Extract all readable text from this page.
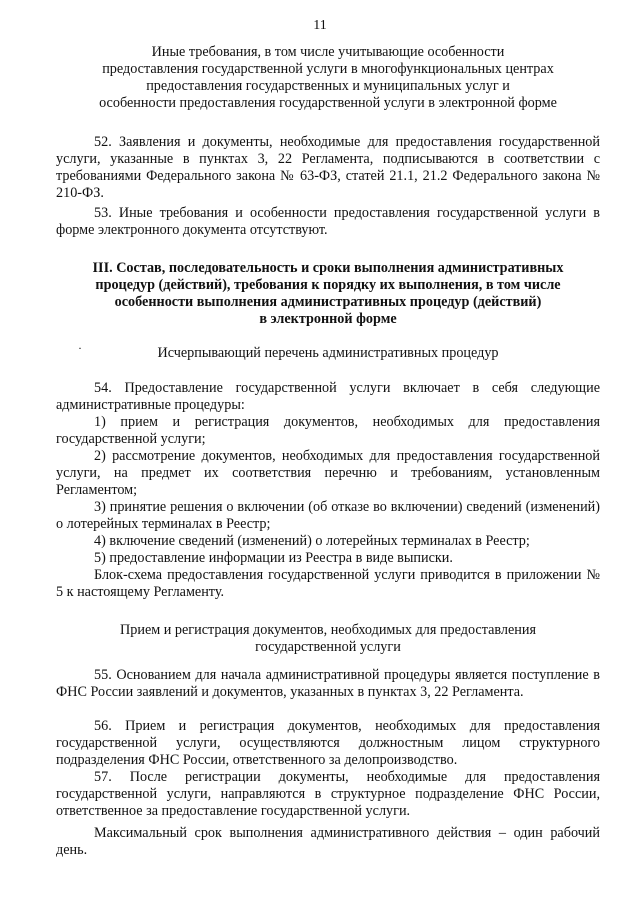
11
Иные требования, в том числе учитывающие особенности
предоставления государственной услуги в многофункциональных центрах
предоставления государственных и муниципальных услуг и
особенности предоставления государственной услуги в электронной форме

52. Заявления и документы, необходимые для предоставления государственной услуги, указанные в пунктах 3, 22 Регламента, подписываются в соответствии с требованиями Федерального закона № 63-ФЗ, статей 21.1, 21.2 Федерального закона № 210-ФЗ.

53. Иные требования и особенности предоставления государственной услуги в форме электронного документа отсутствуют.

III. Состав, последовательность и сроки выполнения административных
процедур (действий), требования к порядку их выполнения, в том числе
особенности выполнения административных процедур (действий)
в электронной форме
·	Исчерпывающий перечень административных процедур

54. Предоставление государственной услуги включает в себя следующие административные процедуры:

1) прием и регистрация документов, необходимых для предоставления государственной услуги;

2) рассмотрение документов, необходимых для предоставления государственной услуги, на предмет их соответствия перечню и требованиям, установленным Регламентом;

3) принятие решения о включении (об отказе во включении) сведений (изменений) о лотерейных терминалах в Реестр;

4) включение сведений (изменений) о лотерейных терминалах в Реестр;

5) предоставление информации из Реестра в виде выписки.

Блок-схема предоставления государственной услуги приводится в приложении № 5 к настоящему Регламенту.

Прием и регистрация документов, необходимых для предоставления
государственной услуги

55. Основанием для начала административной процедуры является поступление в ФНС России заявлений и документов, указанных в пунктах 3, 22 Регламента.

56. Прием и регистрация документов, необходимых для предоставления государственной услуги, осуществляются должностным лицом структурного подразделения ФНС России, ответственного за делопроизводство.

57. После регистрации документы, необходимые для предоставления государственной услуги, направляются в структурное подразделение ФНС России, ответственное за предоставление государственной услуги.

Максимальный срок выполнения административного действия – один рабочий день.
